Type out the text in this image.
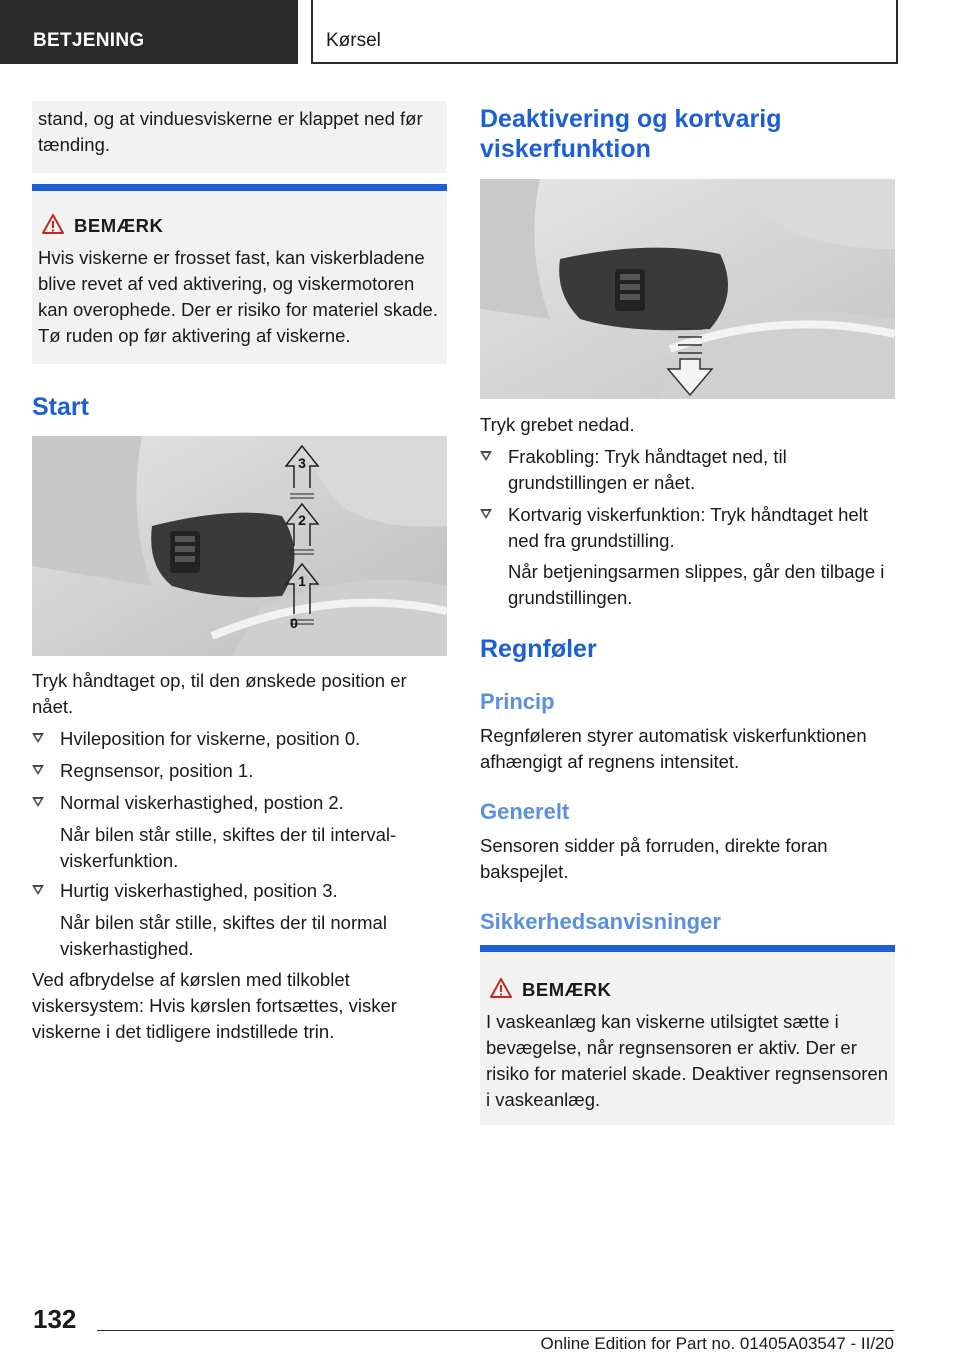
BETJENING	Kørsel

stand, og at vinduesviskerne er klappet ned før tænding.

BEMÆRK

Hvis viskerne er frosset fast, kan viskerbladene blive revet af ved aktivering, og viskermotoren kan overophede. Der er risiko for materiel skade. Tø ruden op før aktivering af viskerne.

Start
3
2
1
0

Tryk håndtaget op, til den ønskede position er nået.

Hvileposition for viskerne, position 0.
Regnsensor, position 1.
Normal viskerhastighed, postion 2.
Når bilen står stille, skiftes der til interval-viskerfunktion.
Hurtig viskerhastighed, position 3.
Når bilen står stille, skiftes der til normal viskerhastighed.

Ved afbrydelse af kørslen med tilkoblet viskersystem: Hvis kørslen fortsættes, visker viskerne i det tidligere indstillede trin.

Deaktivering og kortvarig viskerfunktion

Tryk grebet nedad.

Frakobling: Tryk håndtaget ned, til grundstillingen er nået.
Kortvarig viskerfunktion: Tryk håndtaget helt ned fra grundstilling.
Når betjeningsarmen slippes, går den tilbage i grundstillingen.
Regnføler
Princip

Regnføleren styrer automatisk viskerfunktionen afhængigt af regnens intensitet.

Generelt

Sensoren sidder på forruden, direkte foran bakspejlet.

Sikkerhedsanvisninger
BEMÆRK

I vaskeanlæg kan viskerne utilsigtet sætte i bevægelse, når regnsensoren er aktiv. Der er risiko for materiel skade. Deaktiver regnsensoren i vaskeanlæg.

132
Online Edition for Part no. 01405A03547 - II/20
